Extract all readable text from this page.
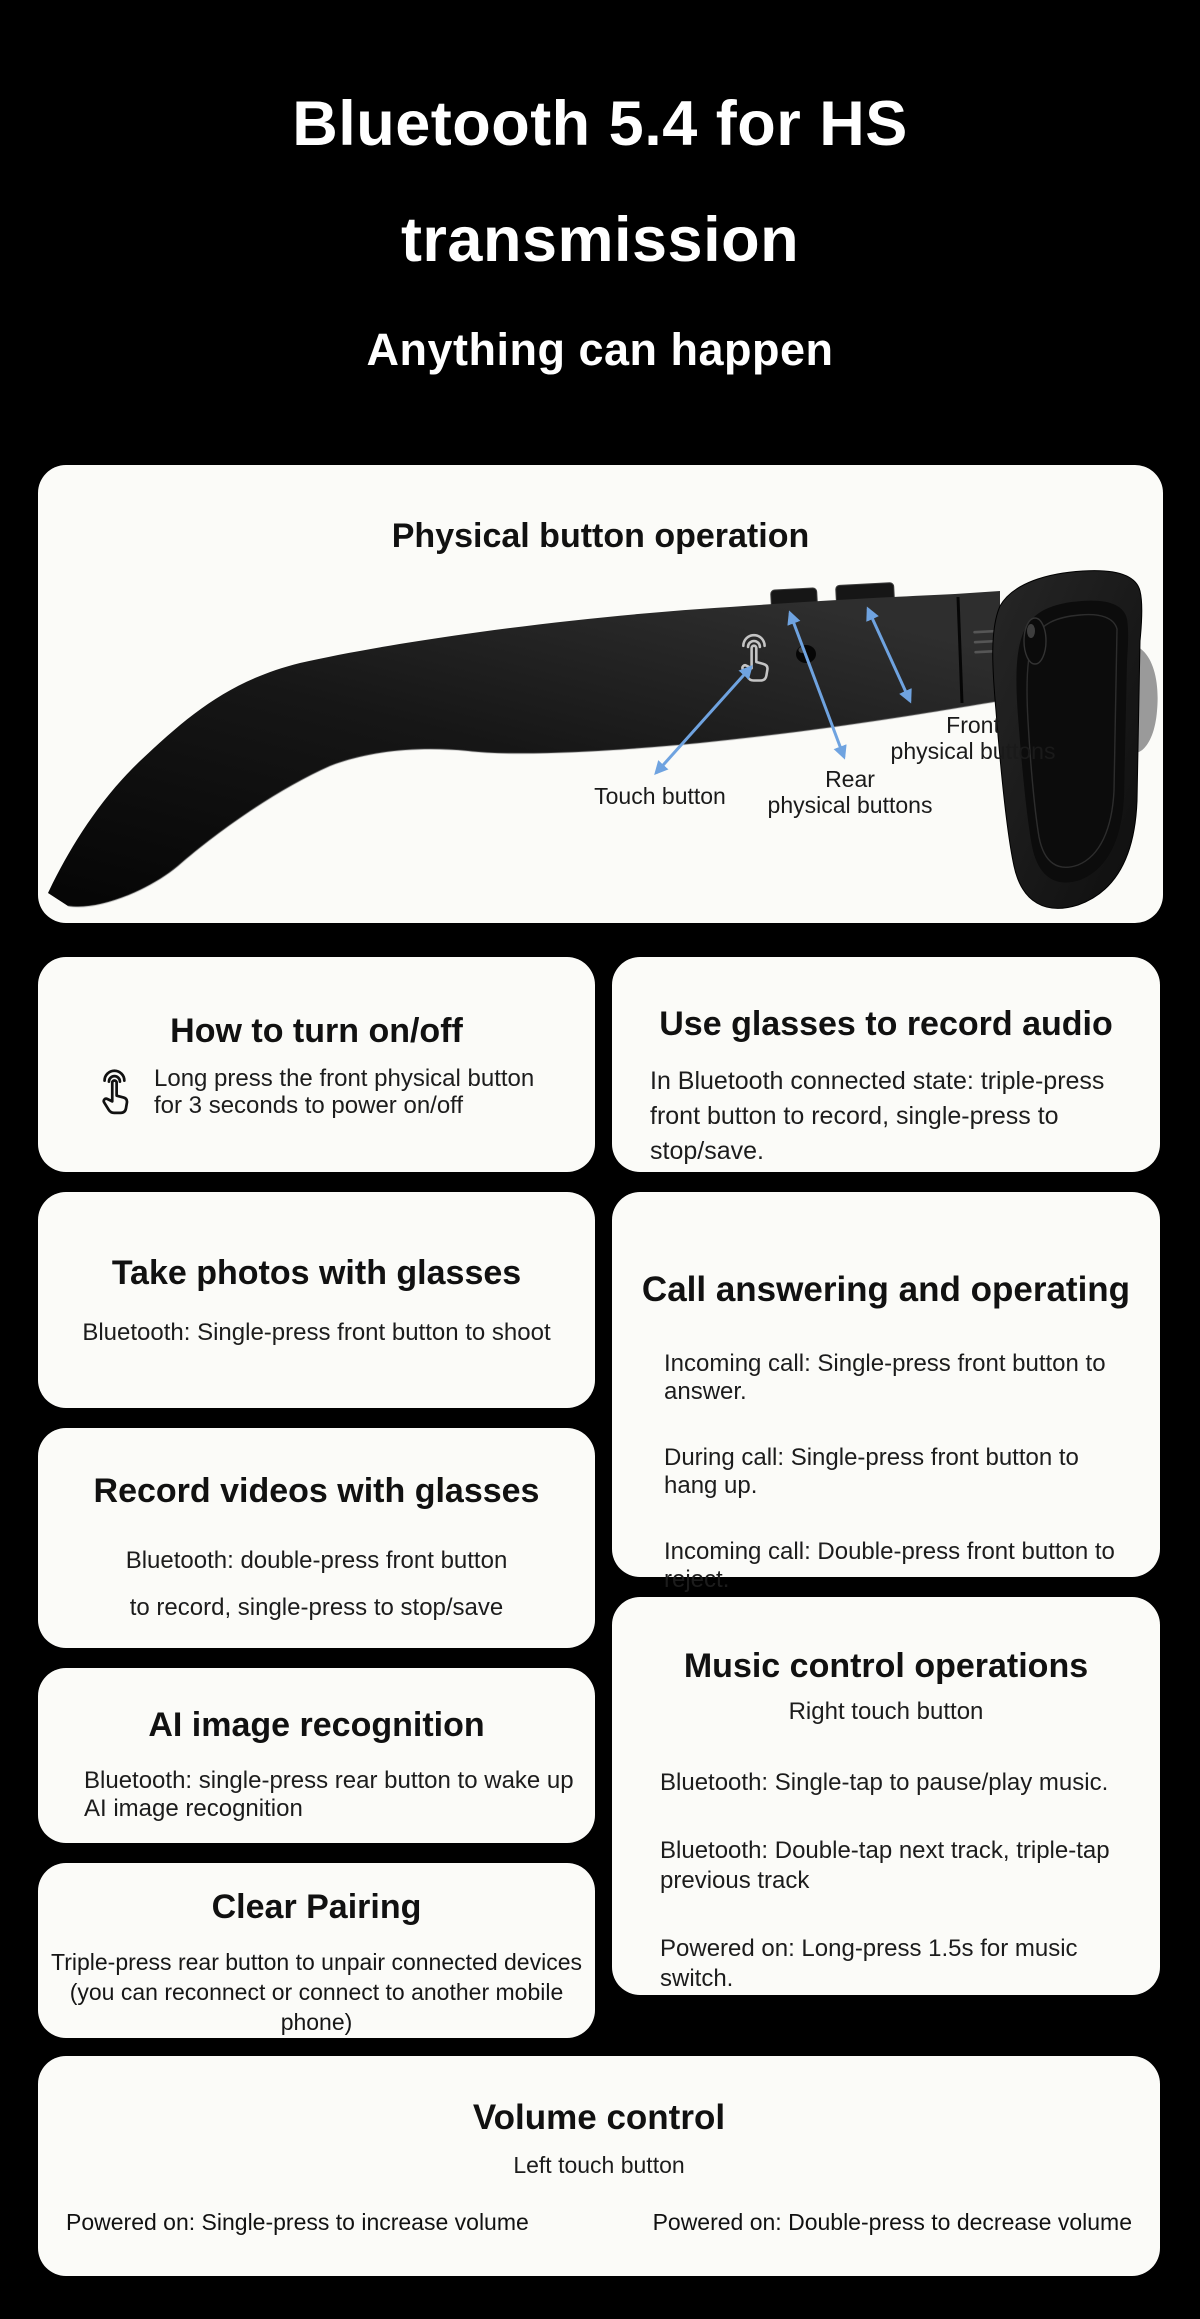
Bluetooth 5.4 for HS
transmission
Anything can happen
Physical button operation
Touch button
Rear
physical buttons
Front
physical buttons
How to turn on/off
Long press the front physical button
for 3 seconds to power on/off
Take photos with glasses
Bluetooth: Single-press front button to shoot
Record videos with glasses
Bluetooth: double-press front button
to record, single-press to stop/save
AI image recognition
Bluetooth: single-press rear button to wake up
AI image recognition
Clear Pairing
Triple-press rear button to unpair connected devices
(you can reconnect or connect to another mobile phone)
Use glasses to record audio
In Bluetooth connected state: triple-press front button to record, single-press to stop/save.
Call answering and operating
Incoming call: Single-press front button to answer.
During call: Single-press front button to hang up.
Incoming call: Double-press front button to reject.
Music control operations
Right touch button
Bluetooth: Single-tap to pause/play music.
Bluetooth: Double-tap next track, triple-tap previous track
Powered on: Long-press 1.5s for music switch.
Volume control
Left touch button
Powered on: Single-press to increase volume	Powered on: Double-press to decrease volume
